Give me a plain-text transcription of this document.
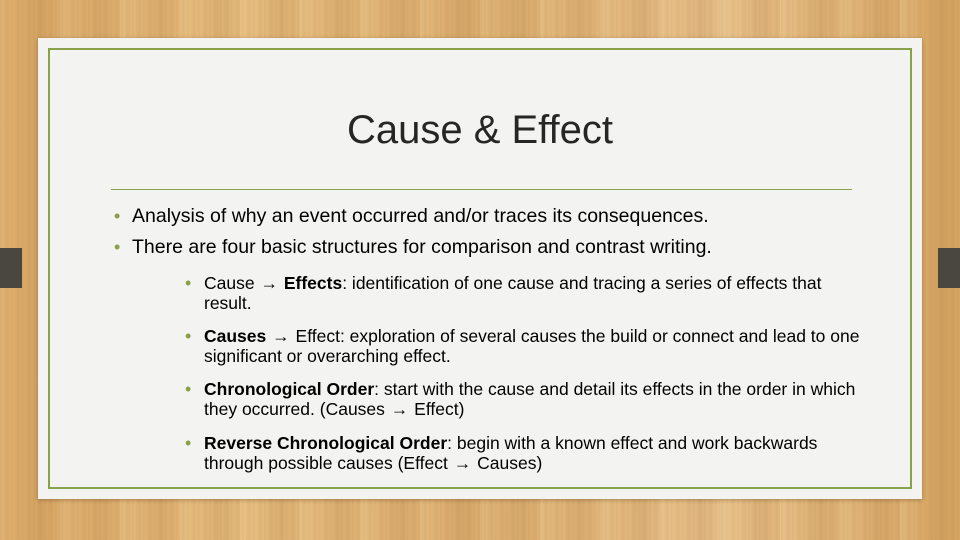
Cause & Effect
• Analysis of why an event occurred and/or traces its consequences.
• There are four basic structures for comparison and contrast writing.
• Cause → Effects: identification of one cause and tracing a series of effects that result.
• Causes → Effect: exploration of several causes the build or connect and lead to one significant or overarching effect.
• Chronological Order: start with the cause and detail its effects in the order in which they occurred. (Causes → Effect)
• Reverse Chronological Order: begin with a known effect and work backwards through possible causes (Effect → Causes)
